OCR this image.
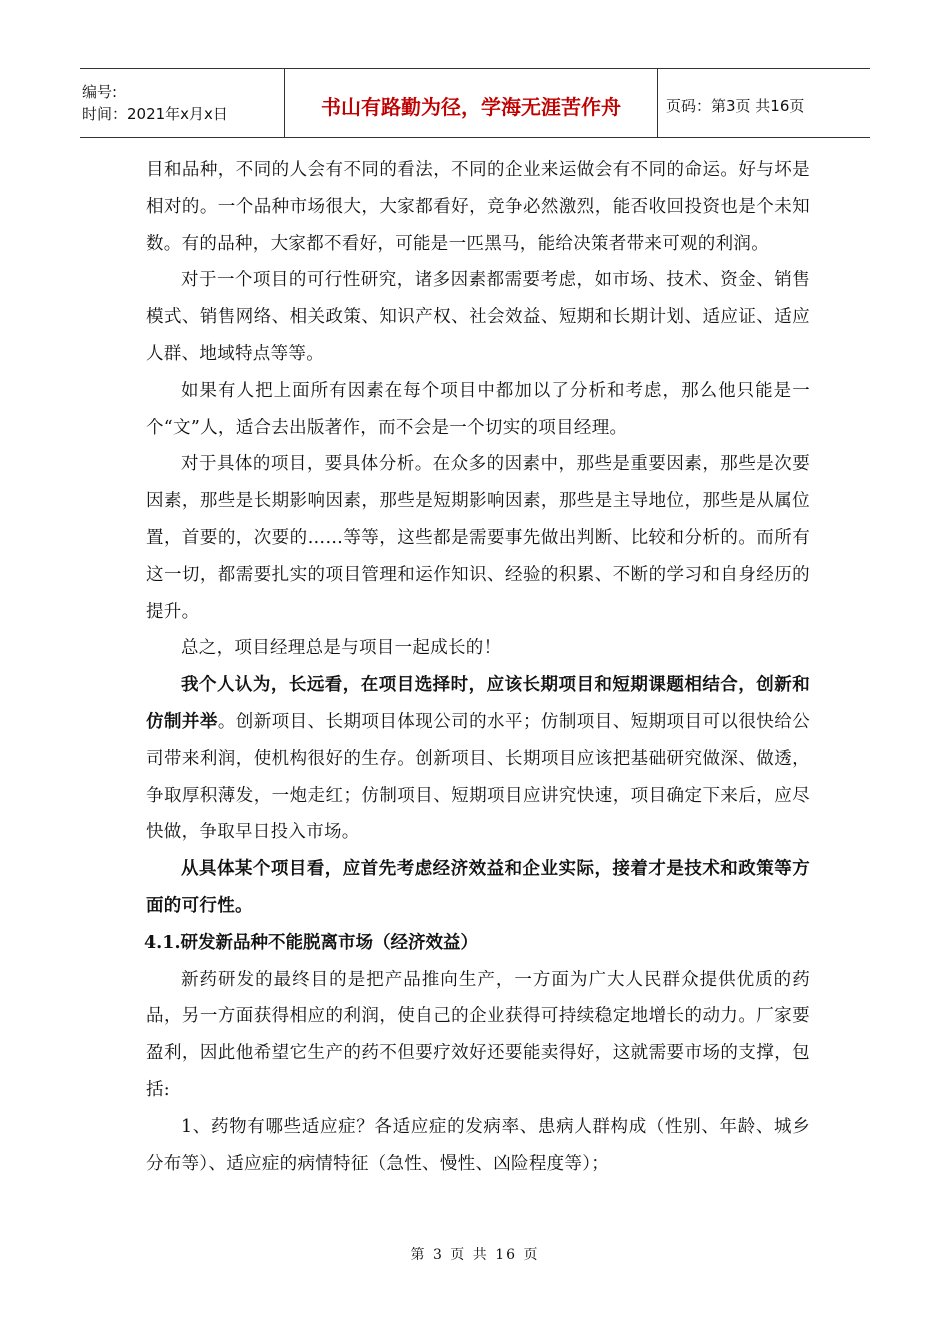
编号:
时间：2021年x月x日	书山有路勤为径，学海无涯苦作舟	页码：第3页 共16页

目和品种，不同的人会有不同的看法，不同的企业来运做会有不同的命运。好与坏是相对的。一个品种市场很大，大家都看好，竞争必然激烈，能否收回投资也是个未知数。有的品种，大家都不看好，可能是一匹黑马，能给决策者带来可观的利润。

对于一个项目的可行性研究，诸多因素都需要考虑，如市场、技术、资金、销售模式、销售网络、相关政策、知识产权、社会效益、短期和长期计划、适应证、适应人群、地域特点等等。

如果有人把上面所有因素在每个项目中都加以了分析和考虑，那么他只能是一个“文”人，适合去出版著作，而不会是一个切实的项目经理。

对于具体的项目，要具体分析。在众多的因素中，那些是重要因素，那些是次要因素，那些是长期影响因素，那些是短期影响因素，那些是主导地位，那些是从属位置，首要的，次要的……等等，这些都是需要事先做出判断、比较和分析的。而所有这一切，都需要扎实的项目管理和运作知识、经验的积累、不断的学习和自身经历的提升。

总之，项目经理总是与项目一起成长的！

我个人认为，长远看，在项目选择时，应该长期项目和短期课题相结合，创新和仿制并举。创新项目、长期项目体现公司的水平；仿制项目、短期项目可以很快给公司带来利润，使机构很好的生存。创新项目、长期项目应该把基础研究做深、做透，争取厚积薄发，一炮走红；仿制项目、短期项目应讲究快速，项目确定下来后，应尽快做，争取早日投入市场。

从具体某个项目看，应首先考虑经济效益和企业实际，接着才是技术和政策等方面的可行性。

4.1.研发新品种不能脱离市场（经济效益）

新药研发的最终目的是把产品推向生产，一方面为广大人民群众提供优质的药品，另一方面获得相应的利润，使自己的企业获得可持续稳定地增长的动力。厂家要盈利，因此他希望它生产的药不但要疗效好还要能卖得好，这就需要市场的支撑，包括:

1、药物有哪些适应症？各适应症的发病率、患病人群构成（性别、年龄、城乡分布等）、适应症的病情特征（急性、慢性、凶险程度等）；

第 3 页 共 16 页
